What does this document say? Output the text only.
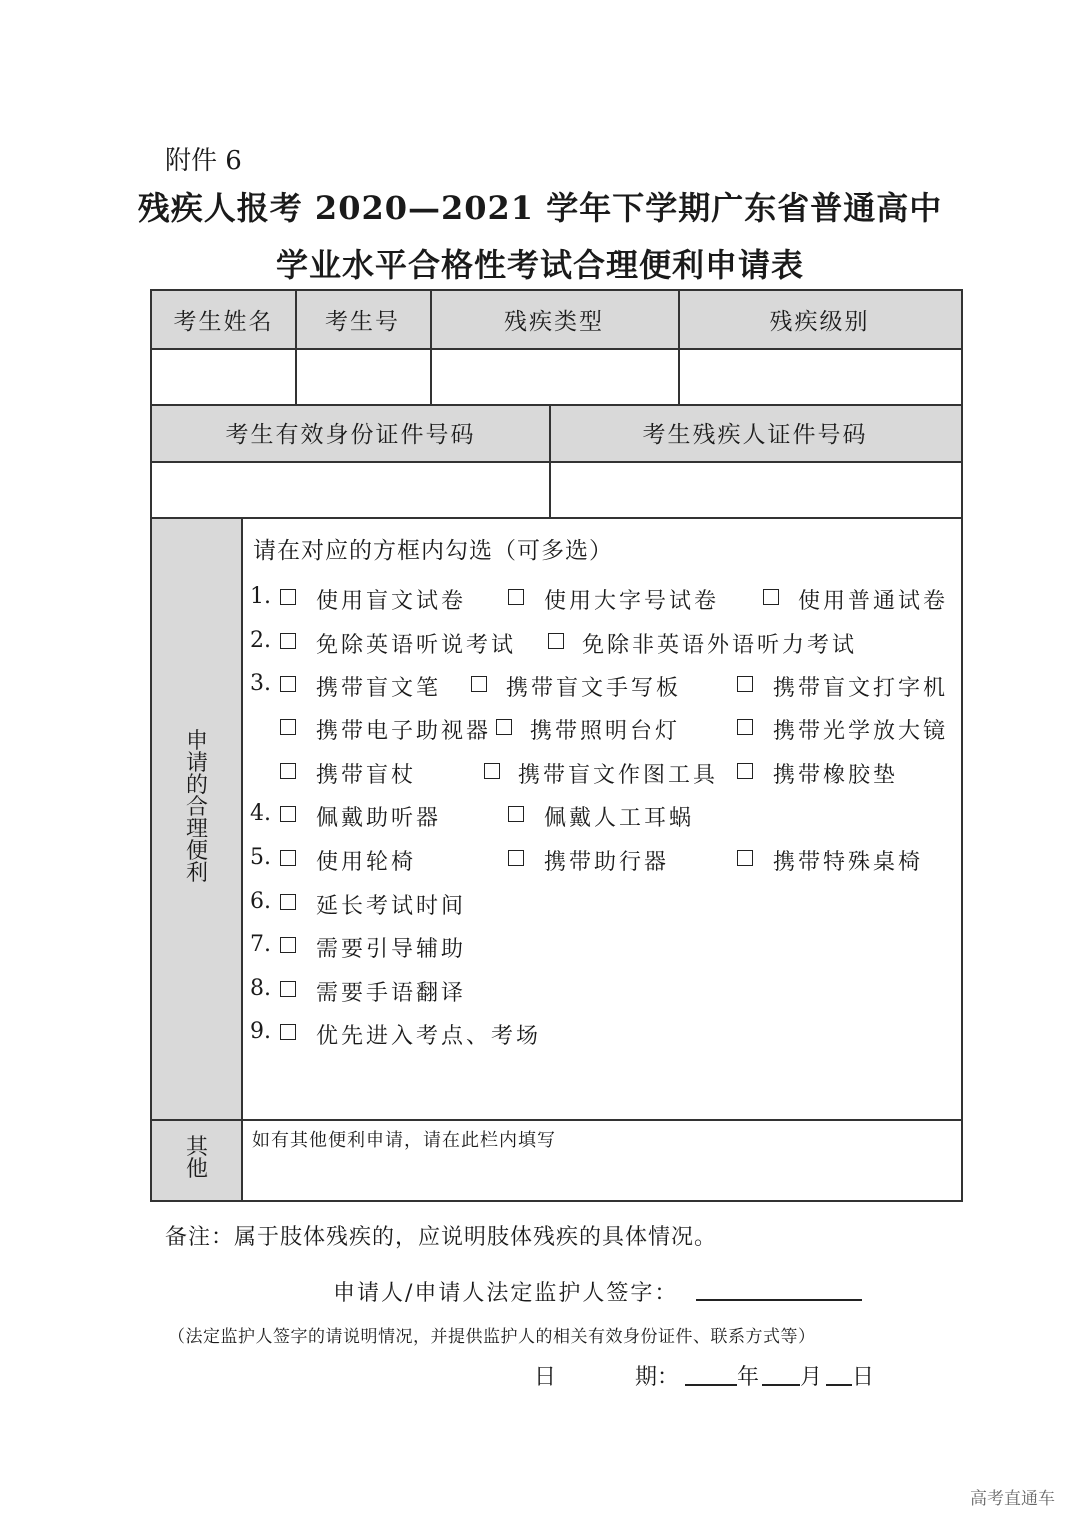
附件 6
残疾人报考 2020—2021 学年下学期广东省普通高中
学业水平合格性考试合理便利申请表
考生姓名	考生号	残疾类型	残疾级别
考生有效身份证件号码	考生残疾人证件号码
申请的合理便利
其他
请在对应的方框内勾选（可多选）
1. 使用盲文试卷	使用大字号试卷	使用普通试卷
2. 免除英语听说考试	免除非英语外语听力考试
3. 携带盲文笔	携带盲文手写板	携带盲文打字机
携带电子助视器 携带照明台灯	携带光学放大镜
携带盲杖	携带盲文作图工具 携带橡胶垫
4. 佩戴助听器	佩戴人工耳蜗
5. 使用轮椅	携带助行器	携带特殊桌椅
6. 延长考试时间
7. 需要引导辅助
8. 需要手语翻译
9. 优先进入考点、考场
如有其他便利申请，请在此栏内填写
备注：属于肢体残疾的，应说明肢体残疾的具体情况。
申请人/申请人法定监护人签字：
（法定监护人签字的请说明情况，并提供监护人的相关有效身份证件、联系方式等）
日	期：	年 月 日
高考直通车
